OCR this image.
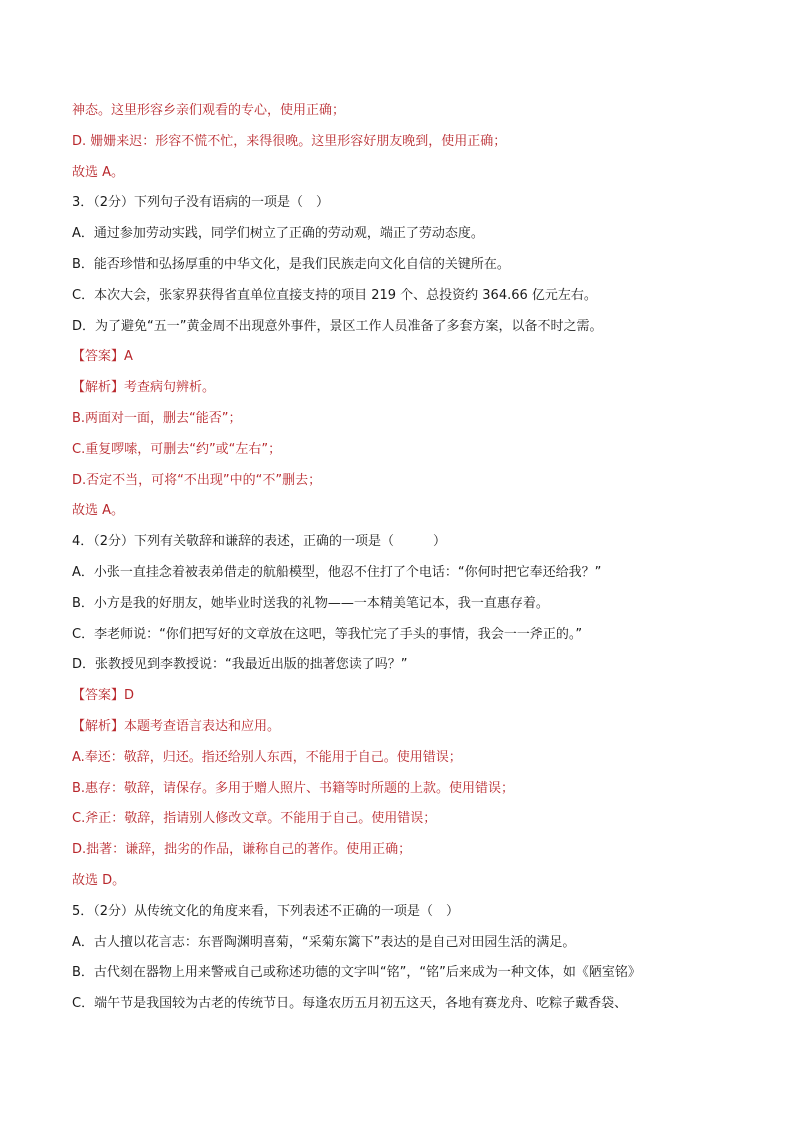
神态。这里形容乡亲们观看的专心，使用正确；
D. 姗姗来迟：形容不慌不忙，来得很晚。这里形容好朋友晚到，使用正确；
故选 A。
3．（2分）下列句子没有语病的一项是（　）
A．通过参加劳动实践，同学们树立了正确的劳动观，端正了劳动态度。
B．能否珍惜和弘扬厚重的中华文化，是我们民族走向文化自信的关键所在。
C．本次大会，张家界获得省直单位直接支持的项目 219 个、总投资约 364.66 亿元左右。
D．为了避免“五一”黄金周不出现意外事件，景区工作人员准备了多套方案，以备不时之需。
【答案】A
【解析】考查病句辨析。
B.两面对一面，删去“能否”；
C.重复啰嗦，可删去“约”或“左右”；
D.否定不当，可将“不出现”中的“不”删去；
故选 A。
4．（2分）下列有关敬辞和谦辞的表述，正确的一项是（　　　）
A．小张一直挂念着被表弟借走的航船模型，他忍不住打了个电话：“你何时把它奉还给我？”
B．小方是我的好朋友，她毕业时送我的礼物——一本精美笔记本，我一直惠存着。
C．李老师说：“你们把写好的文章放在这吧，等我忙完了手头的事情，我会一一斧正的。”
D．张教授见到李教授说：“我最近出版的拙著您读了吗？”
【答案】D
【解析】本题考查语言表达和应用。
A.奉还：敬辞，归还。指还给别人东西，不能用于自己。使用错误；
B.惠存：敬辞，请保存。多用于赠人照片、书籍等时所题的上款。使用错误；
C.斧正：敬辞，指请别人修改文章。不能用于自己。使用错误；
D.拙著：谦辞，拙劣的作品，谦称自己的著作。使用正确；
故选 D。
5．（2分）从传统文化的角度来看，下列表述不正确的一项是（　）
A．古人擅以花言志：东晋陶渊明喜菊，“采菊东篱下”表达的是自己对田园生活的满足。
B．古代刻在器物上用来警戒自己或称述功德的文字叫“铭”，“铭”后来成为一种文体，如《陋室铭》
C．端午节是我国较为古老的传统节日。每逢农历五月初五这天，各地有赛龙舟、吃粽子戴香袋、
